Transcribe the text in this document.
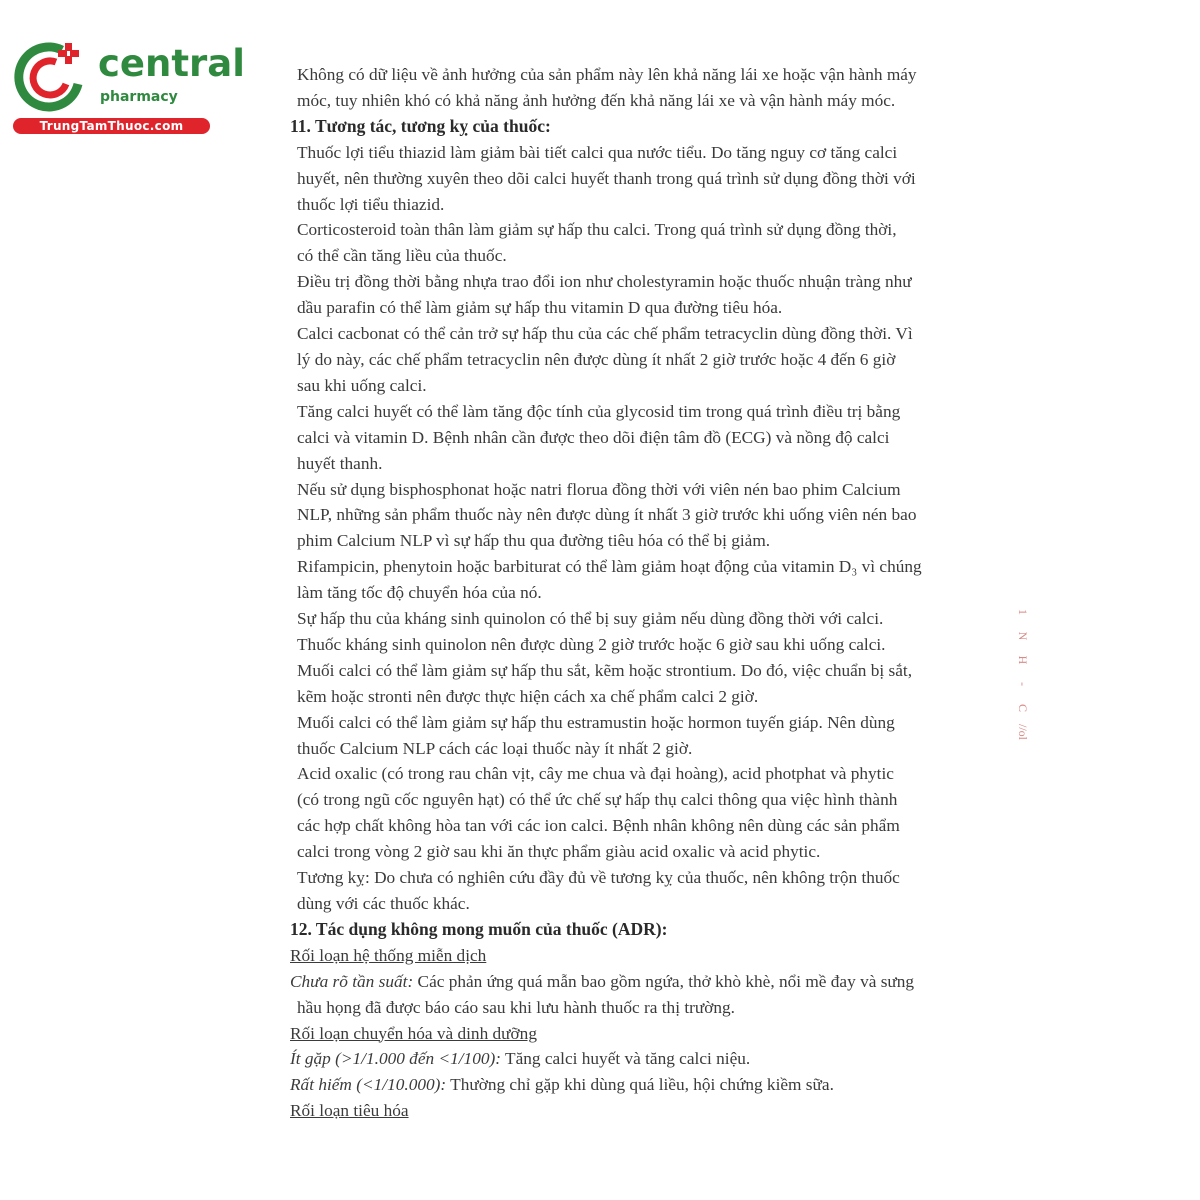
central
pharmacy
TrungTamThuoc.com
Không có dữ liệu về ảnh hưởng của sản phẩm này lên khả năng lái xe hoặc vận hành máy
móc, tuy nhiên khó có khả năng ảnh hưởng đến khả năng lái xe và vận hành máy móc.
11. Tương tác, tương kỵ của thuốc:
Thuốc lợi tiểu thiazid làm giảm bài tiết calci qua nước tiểu. Do tăng nguy cơ tăng calci
huyết, nên thường xuyên theo dõi calci huyết thanh trong quá trình sử dụng đồng thời với
thuốc lợi tiểu thiazid.
Corticosteroid toàn thân làm giảm sự hấp thu calci. Trong quá trình sử dụng đồng thời,
có thể cần tăng liều của thuốc.
Điều trị đồng thời bằng nhựa trao đổi ion như cholestyramin hoặc thuốc nhuận tràng như
dầu parafin có thể làm giảm sự hấp thu vitamin D qua đường tiêu hóa.
Calci cacbonat có thể cản trở sự hấp thu của các chế phẩm tetracyclin dùng đồng thời. Vì
lý do này, các chế phẩm tetracyclin nên được dùng ít nhất 2 giờ trước hoặc 4 đến 6 giờ
sau khi uống calci.
Tăng calci huyết có thể làm tăng độc tính của glycosid tim trong quá trình điều trị bằng
calci và vitamin D. Bệnh nhân cần được theo dõi điện tâm đồ (ECG) và nồng độ calci
huyết thanh.
Nếu sử dụng bisphosphonat hoặc natri florua đồng thời với viên nén bao phim Calcium
NLP, những sản phẩm thuốc này nên được dùng ít nhất 3 giờ trước khi uống viên nén bao
phim Calcium NLP vì sự hấp thu qua đường tiêu hóa có thể bị giảm.
Rifampicin, phenytoin hoặc barbiturat có thể làm giảm hoạt động của vitamin D₃ vì chúng
làm tăng tốc độ chuyển hóa của nó.
Sự hấp thu của kháng sinh quinolon có thể bị suy giảm nếu dùng đồng thời với calci.
Thuốc kháng sinh quinolon nên được dùng 2 giờ trước hoặc 6 giờ sau khi uống calci.
Muối calci có thể làm giảm sự hấp thu sắt, kẽm hoặc strontium. Do đó, việc chuẩn bị sắt,
kẽm hoặc stronti nên được thực hiện cách xa chế phẩm calci 2 giờ.
Muối calci có thể làm giảm sự hấp thu estramustin hoặc hormon tuyến giáp. Nên dùng
thuốc Calcium NLP cách các loại thuốc này ít nhất 2 giờ.
Acid oxalic (có trong rau chân vịt, cây me chua và đại hoàng), acid photphat và phytic
(có trong ngũ cốc nguyên hạt) có thể ức chế sự hấp thụ calci thông qua việc hình thành
các hợp chất không hòa tan với các ion calci. Bệnh nhân không nên dùng các sản phẩm
calci trong vòng 2 giờ sau khi ăn thực phẩm giàu acid oxalic và acid phytic.
Tương kỵ: Do chưa có nghiên cứu đầy đủ về tương kỵ của thuốc, nên không trộn thuốc
dùng với các thuốc khác.
12. Tác dụng không mong muốn của thuốc (ADR):
Rối loạn hệ thống miễn dịch
Chưa rõ tần suất: Các phản ứng quá mẫn bao gồm ngứa, thở khò khè, nổi mề đay và sưng
hầu họng đã được báo cáo sau khi lưu hành thuốc ra thị trường.
Rối loạn chuyển hóa và dinh dưỡng
Ít gặp (>1/1.000 đến <1/100): Tăng calci huyết và tăng calci niệu.
Rất hiếm (<1/10.000): Thường chỉ gặp khi dùng quá liều, hội chứng kiềm sữa.
Rối loạn tiêu hóa
1
N
H
-
C
//ol
